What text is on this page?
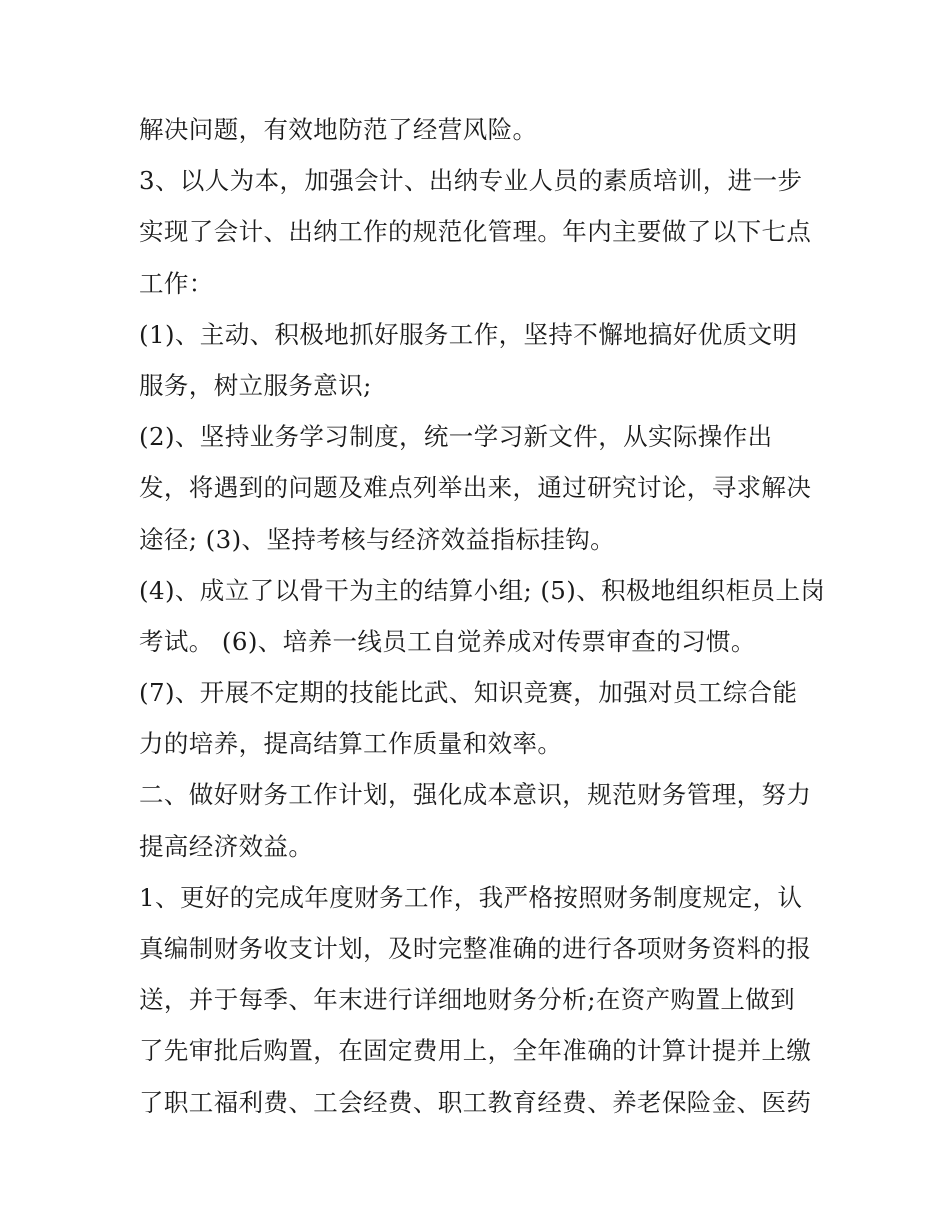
解决问题，有效地防范了经营风险。
3、以人为本，加强会计、出纳专业人员的素质培训，进一步
实现了会计、出纳工作的规范化管理。年内主要做了以下七点
工作：
(1)、主动、积极地抓好服务工作，坚持不懈地搞好优质文明
服务，树立服务意识;
(2)、坚持业务学习制度，统一学习新文件，从实际操作出
发，将遇到的问题及难点列举出来，通过研究讨论，寻求解决
途径; (3)、坚持考核与经济效益指标挂钩。
(4)、成立了以骨干为主的结算小组; (5)、积极地组织柜员上岗
考试。 (6)、培养一线员工自觉养成对传票审查的习惯。
(7)、开展不定期的技能比武、知识竞赛，加强对员工综合能
力的培养，提高结算工作质量和效率。
二、做好财务工作计划，强化成本意识，规范财务管理，努力
提高经济效益。
1、更好的完成年度财务工作，我严格按照财务制度规定，认
真编制财务收支计划，及时完整准确的进行各项财务资料的报
送，并于每季、年末进行详细地财务分析;在资产购置上做到
了先审批后购置，在固定费用上，全年准确的计算计提并上缴
了职工福利费、工会经费、职工教育经费、养老保险金、医药
